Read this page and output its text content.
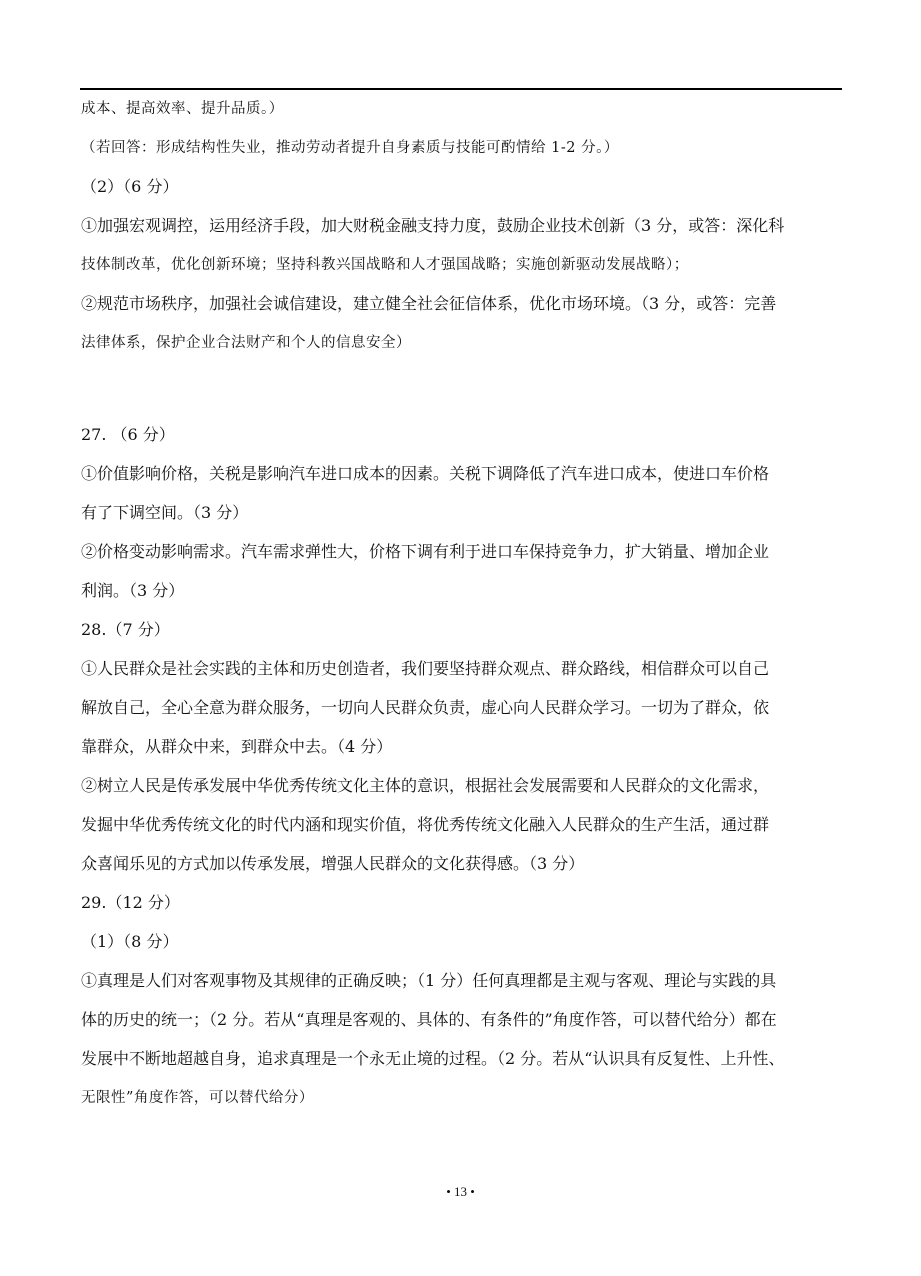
成本、提高效率、提升品质。）
（若回答：形成结构性失业，推动劳动者提升自身素质与技能可酌情给 1-2 分。）
（2）（6 分）
①加强宏观调控，运用经济手段，加大财税金融支持力度，鼓励企业技术创新（3 分，或答：深化科
技体制改革，优化创新环境；坚持科教兴国战略和人才强国战略；实施创新驱动发展战略）；
②规范市场秩序，加强社会诚信建设，建立健全社会征信体系，优化市场环境。（3 分，或答：完善
法律体系，保护企业合法财产和个人的信息安全）
27. （6 分）
①价值影响价格，关税是影响汽车进口成本的因素。关税下调降低了汽车进口成本，使进口车价格
有了下调空间。（3 分）
②价格变动影响需求。汽车需求弹性大，价格下调有利于进口车保持竞争力，扩大销量、增加企业
利润。（3 分）
28.（7 分）
①人民群众是社会实践的主体和历史创造者，我们要坚持群众观点、群众路线，相信群众可以自己
解放自己，全心全意为群众服务，一切向人民群众负责，虚心向人民群众学习。一切为了群众，依
靠群众，从群众中来，到群众中去。（4 分）
②树立人民是传承发展中华优秀传统文化主体的意识，根据社会发展需要和人民群众的文化需求，
发掘中华优秀传统文化的时代内涵和现实价值，将优秀传统文化融入人民群众的生产生活，通过群
众喜闻乐见的方式加以传承发展，增强人民群众的文化获得感。（3 分）
29.（12 分）
（1）（8 分）
①真理是人们对客观事物及其规律的正确反映；（1 分）任何真理都是主观与客观、理论与实践的具
体的历史的统一；（2 分。若从“真理是客观的、具体的、有条件的”角度作答，可以替代给分）都在
发展中不断地超越自身，追求真理是一个永无止境的过程。（2 分。若从“认识具有反复性、上升性、
无限性”角度作答，可以替代给分）
• 13 •
